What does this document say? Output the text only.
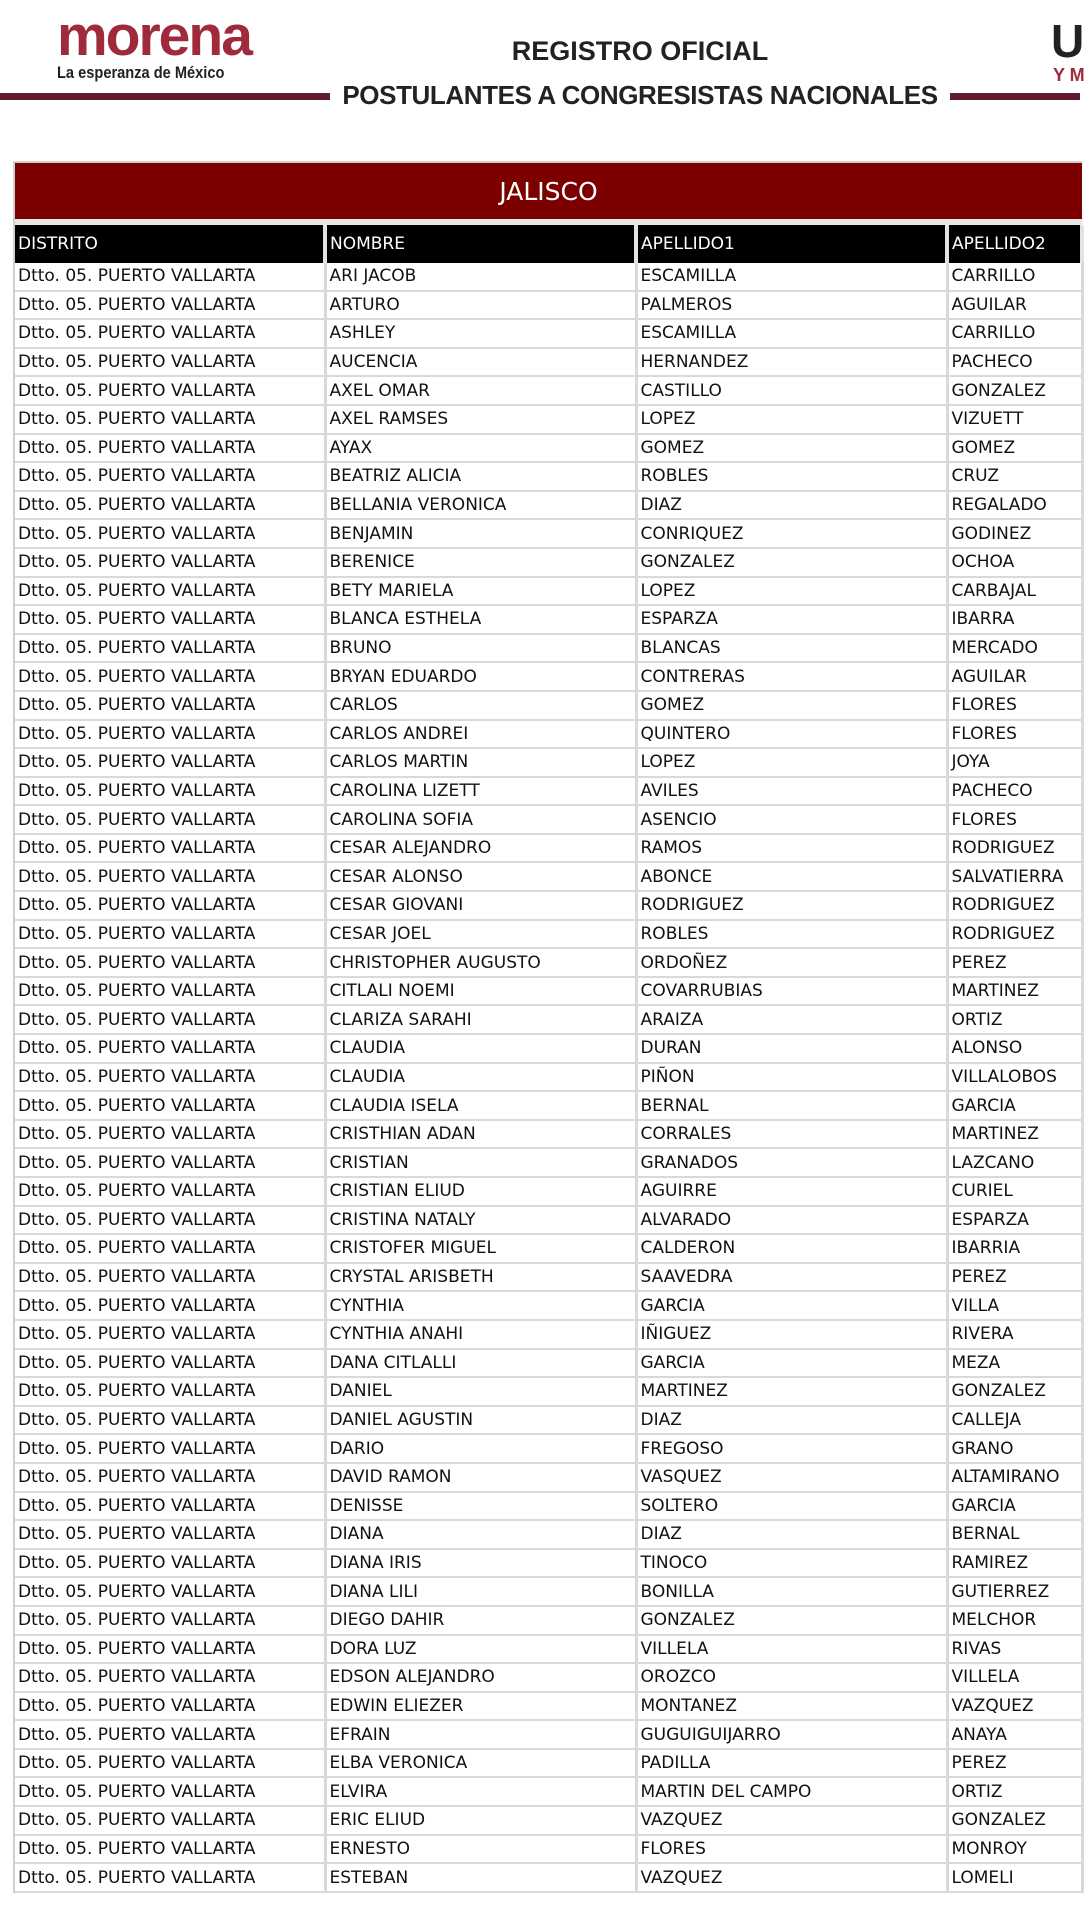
morena
La esperanza de México
REGISTRO OFICIAL
POSTULANTES A CONGRESISTAS NACIONALES
U
Y M
JALISCO
DISTRITO	NOMBRE	APELLIDO1	APELLIDO2
Dtto. 05. PUERTO VALLARTA	ARI JACOB	ESCAMILLA	CARRILLO
Dtto. 05. PUERTO VALLARTA	ARTURO	PALMEROS	AGUILAR
Dtto. 05. PUERTO VALLARTA	ASHLEY	ESCAMILLA	CARRILLO
Dtto. 05. PUERTO VALLARTA	AUCENCIA	HERNANDEZ	PACHECO
Dtto. 05. PUERTO VALLARTA	AXEL OMAR	CASTILLO	GONZALEZ
Dtto. 05. PUERTO VALLARTA	AXEL RAMSES	LOPEZ	VIZUETT
Dtto. 05. PUERTO VALLARTA	AYAX	GOMEZ	GOMEZ
Dtto. 05. PUERTO VALLARTA	BEATRIZ ALICIA	ROBLES	CRUZ
Dtto. 05. PUERTO VALLARTA	BELLANIA VERONICA	DIAZ	REGALADO
Dtto. 05. PUERTO VALLARTA	BENJAMIN	CONRIQUEZ	GODINEZ
Dtto. 05. PUERTO VALLARTA	BERENICE	GONZALEZ	OCHOA
Dtto. 05. PUERTO VALLARTA	BETY MARIELA	LOPEZ	CARBAJAL
Dtto. 05. PUERTO VALLARTA	BLANCA ESTHELA	ESPARZA	IBARRA
Dtto. 05. PUERTO VALLARTA	BRUNO	BLANCAS	MERCADO
Dtto. 05. PUERTO VALLARTA	BRYAN EDUARDO	CONTRERAS	AGUILAR
Dtto. 05. PUERTO VALLARTA	CARLOS	GOMEZ	FLORES
Dtto. 05. PUERTO VALLARTA	CARLOS ANDREI	QUINTERO	FLORES
Dtto. 05. PUERTO VALLARTA	CARLOS MARTIN	LOPEZ	JOYA
Dtto. 05. PUERTO VALLARTA	CAROLINA LIZETT	AVILES	PACHECO
Dtto. 05. PUERTO VALLARTA	CAROLINA SOFIA	ASENCIO	FLORES
Dtto. 05. PUERTO VALLARTA	CESAR ALEJANDRO	RAMOS	RODRIGUEZ
Dtto. 05. PUERTO VALLARTA	CESAR ALONSO	ABONCE	SALVATIERRA
Dtto. 05. PUERTO VALLARTA	CESAR GIOVANI	RODRIGUEZ	RODRIGUEZ
Dtto. 05. PUERTO VALLARTA	CESAR JOEL	ROBLES	RODRIGUEZ
Dtto. 05. PUERTO VALLARTA	CHRISTOPHER AUGUSTO	ORDOÑEZ	PEREZ
Dtto. 05. PUERTO VALLARTA	CITLALI NOEMI	COVARRUBIAS	MARTINEZ
Dtto. 05. PUERTO VALLARTA	CLARIZA SARAHI	ARAIZA	ORTIZ
Dtto. 05. PUERTO VALLARTA	CLAUDIA	DURAN	ALONSO
Dtto. 05. PUERTO VALLARTA	CLAUDIA	PIÑON	VILLALOBOS
Dtto. 05. PUERTO VALLARTA	CLAUDIA ISELA	BERNAL	GARCIA
Dtto. 05. PUERTO VALLARTA	CRISTHIAN ADAN	CORRALES	MARTINEZ
Dtto. 05. PUERTO VALLARTA	CRISTIAN	GRANADOS	LAZCANO
Dtto. 05. PUERTO VALLARTA	CRISTIAN ELIUD	AGUIRRE	CURIEL
Dtto. 05. PUERTO VALLARTA	CRISTINA NATALY	ALVARADO	ESPARZA
Dtto. 05. PUERTO VALLARTA	CRISTOFER MIGUEL	CALDERON	IBARRIA
Dtto. 05. PUERTO VALLARTA	CRYSTAL ARISBETH	SAAVEDRA	PEREZ
Dtto. 05. PUERTO VALLARTA	CYNTHIA	GARCIA	VILLA
Dtto. 05. PUERTO VALLARTA	CYNTHIA ANAHI	IÑIGUEZ	RIVERA
Dtto. 05. PUERTO VALLARTA	DANA CITLALLI	GARCIA	MEZA
Dtto. 05. PUERTO VALLARTA	DANIEL	MARTINEZ	GONZALEZ
Dtto. 05. PUERTO VALLARTA	DANIEL AGUSTIN	DIAZ	CALLEJA
Dtto. 05. PUERTO VALLARTA	DARIO	FREGOSO	GRANO
Dtto. 05. PUERTO VALLARTA	DAVID RAMON	VASQUEZ	ALTAMIRANO
Dtto. 05. PUERTO VALLARTA	DENISSE	SOLTERO	GARCIA
Dtto. 05. PUERTO VALLARTA	DIANA	DIAZ	BERNAL
Dtto. 05. PUERTO VALLARTA	DIANA IRIS	TINOCO	RAMIREZ
Dtto. 05. PUERTO VALLARTA	DIANA LILI	BONILLA	GUTIERREZ
Dtto. 05. PUERTO VALLARTA	DIEGO DAHIR	GONZALEZ	MELCHOR
Dtto. 05. PUERTO VALLARTA	DORA LUZ	VILLELA	RIVAS
Dtto. 05. PUERTO VALLARTA	EDSON ALEJANDRO	OROZCO	VILLELA
Dtto. 05. PUERTO VALLARTA	EDWIN ELIEZER	MONTANEZ	VAZQUEZ
Dtto. 05. PUERTO VALLARTA	EFRAIN	GUGUIGUIJARRO	ANAYA
Dtto. 05. PUERTO VALLARTA	ELBA VERONICA	PADILLA	PEREZ
Dtto. 05. PUERTO VALLARTA	ELVIRA	MARTIN DEL CAMPO	ORTIZ
Dtto. 05. PUERTO VALLARTA	ERIC ELIUD	VAZQUEZ	GONZALEZ
Dtto. 05. PUERTO VALLARTA	ERNESTO	FLORES	MONROY
Dtto. 05. PUERTO VALLARTA	ESTEBAN	VAZQUEZ	LOMELI
